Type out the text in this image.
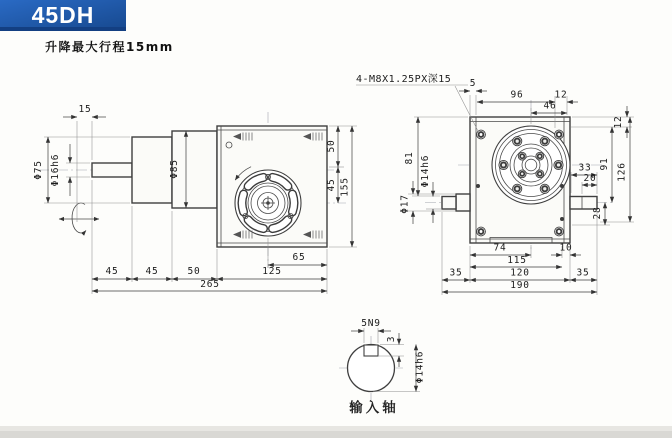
45DH
升降最大行程15mm
15
Φ16h6
Φ75	Φ85
50
45 155
65
45	45	50	125
265
4-M8X1.25PX深15 5
96	12
46
12
91 126
28
33
20
81 Φ14h6
Φ17
74	10
115
35	120	35
190
5N9
3
Φ14h6
输入轴
